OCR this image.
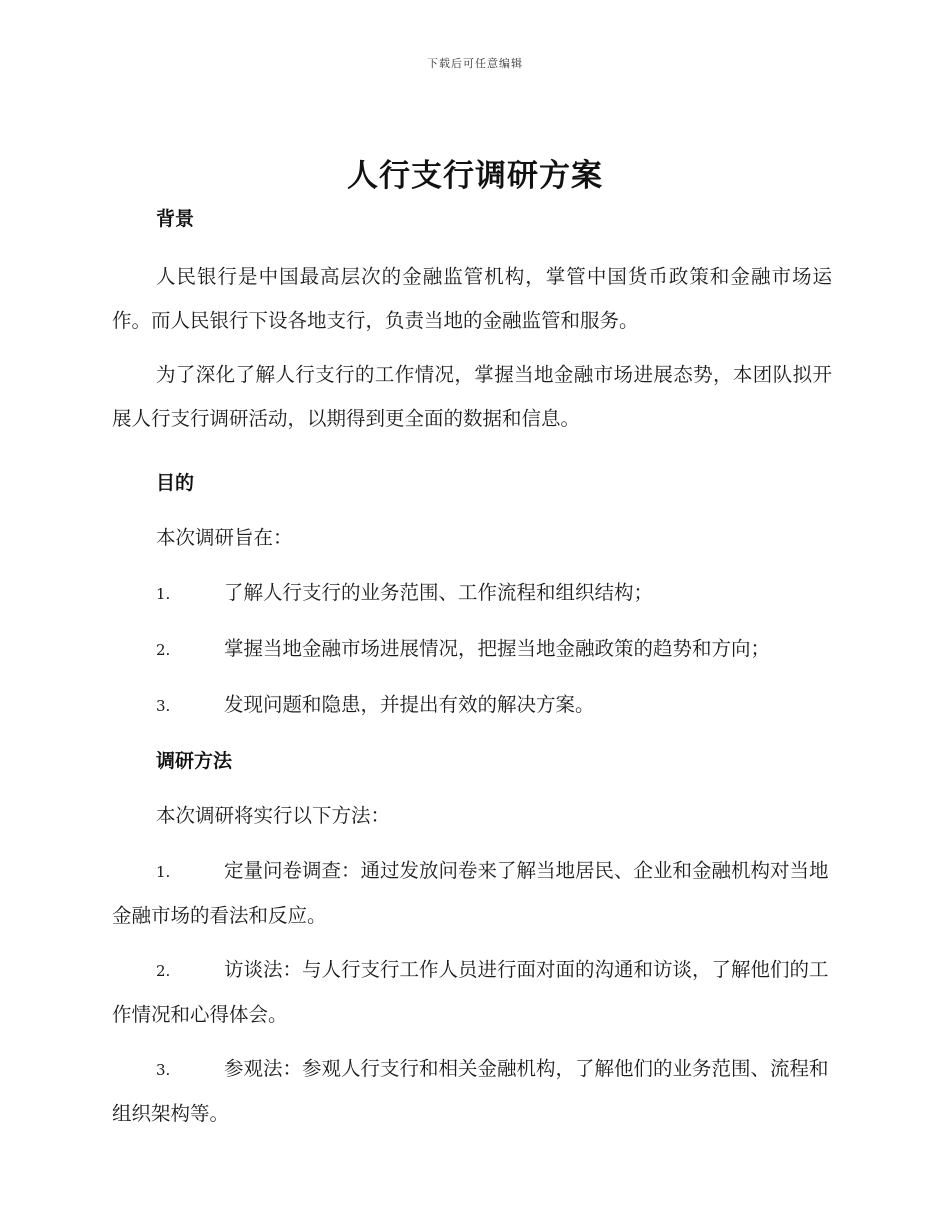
下载后可任意编辑
人行支行调研方案
背景

人民银行是中国最高层次的金融监管机构，掌管中国货币政策和金融市场运作。而人民银行下设各地支行，负责当地的金融监管和服务。

为了深化了解人行支行的工作情况，掌握当地金融市场进展态势，本团队拟开展人行支行调研活动，以期得到更全面的数据和信息。

目的
本次调研旨在：
1.	了解人行支行的业务范围、工作流程和组织结构；
2.	掌握当地金融市场进展情况，把握当地金融政策的趋势和方向；
3.	发现问题和隐患，并提出有效的解决方案。
调研方法
本次调研将实行以下方法：

1.	定量问卷调查：通过发放问卷来了解当地居民、企业和金融机构对当地金融市场的看法和反应。

2.	访谈法：与人行支行工作人员进行面对面的沟通和访谈，了解他们的工作情况和心得体会。

3.	参观法：参观人行支行和相关金融机构，了解他们的业务范围、流程和组织架构等。
